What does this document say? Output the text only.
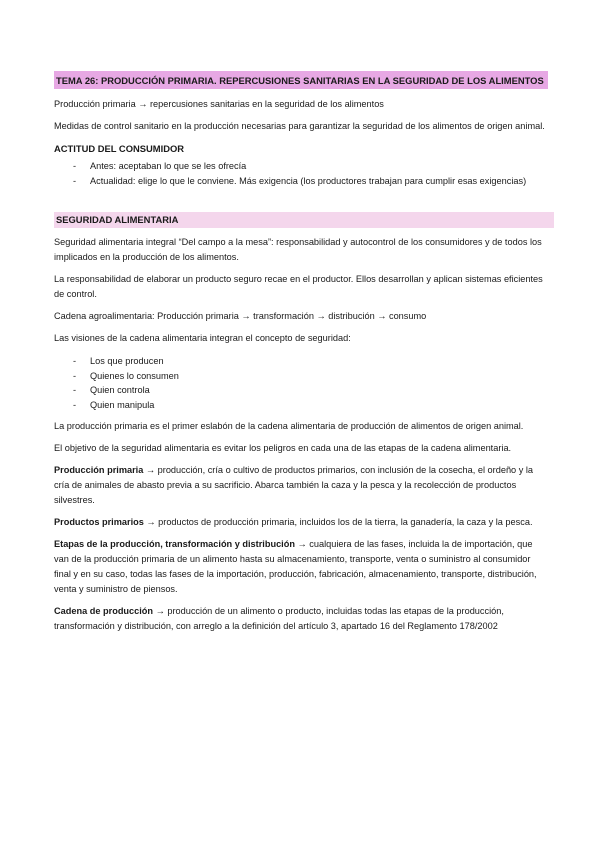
TEMA 26: PRODUCCIÓN PRIMARIA. REPERCUSIONES SANITARIAS EN LA SEGURIDAD DE LOS ALIMENTOS

Producción primaria → repercusiones sanitarias en la seguridad de los alimentos

Medidas de control sanitario en la producción necesarias para garantizar la seguridad de los alimentos de origen animal.

ACTITUD DEL CONSUMIDOR
- Antes: aceptaban lo que se les ofrecía
- Actualidad: elige lo que le conviene. Más exigencia (los productores trabajan para cumplir esas exigencias)
SEGURIDAD ALIMENTARIA

Seguridad alimentaria integral “Del campo a la mesa”: responsabilidad y autocontrol de los consumidores y de todos los implicados en la producción de los alimentos.

La responsabilidad de elaborar un producto seguro recae en el productor. Ellos desarrollan y aplican sistemas eficientes de control.

Cadena agroalimentaria: Producción primaria → transformación → distribución → consumo

Las visiones de la cadena alimentaria integran el concepto de seguridad:

- Los que producen
- Quienes lo consumen
- Quien controla
- Quien manipula

La producción primaria es el primer eslabón de la cadena alimentaria de producción de alimentos de origen animal.

El objetivo de la seguridad alimentaria es evitar los peligros en cada una de las etapas de la cadena alimentaria.

Producción primaria → producción, cría o cultivo de productos primarios, con inclusión de la cosecha, el ordeño y la cría de animales de abasto previa a su sacrificio. Abarca también la caza y la pesca y la recolección de productos silvestres.

Productos primarios → productos de producción primaria, incluidos los de la tierra, la ganadería, la caza y la pesca.

Etapas de la producción, transformación y distribución → cualquiera de las fases, incluida la de importación, que van de la producción primaria de un alimento hasta su almacenamiento, transporte, venta o suministro al consumidor final y en su caso, todas las fases de la importación, producción, fabricación, almacenamiento, transporte, distribución, venta y suministro de piensos.

Cadena de producción → producción de un alimento o producto, incluidas todas las etapas de la producción, transformación y distribución, con arreglo a la definición del artículo 3, apartado 16 del Reglamento 178/2002
